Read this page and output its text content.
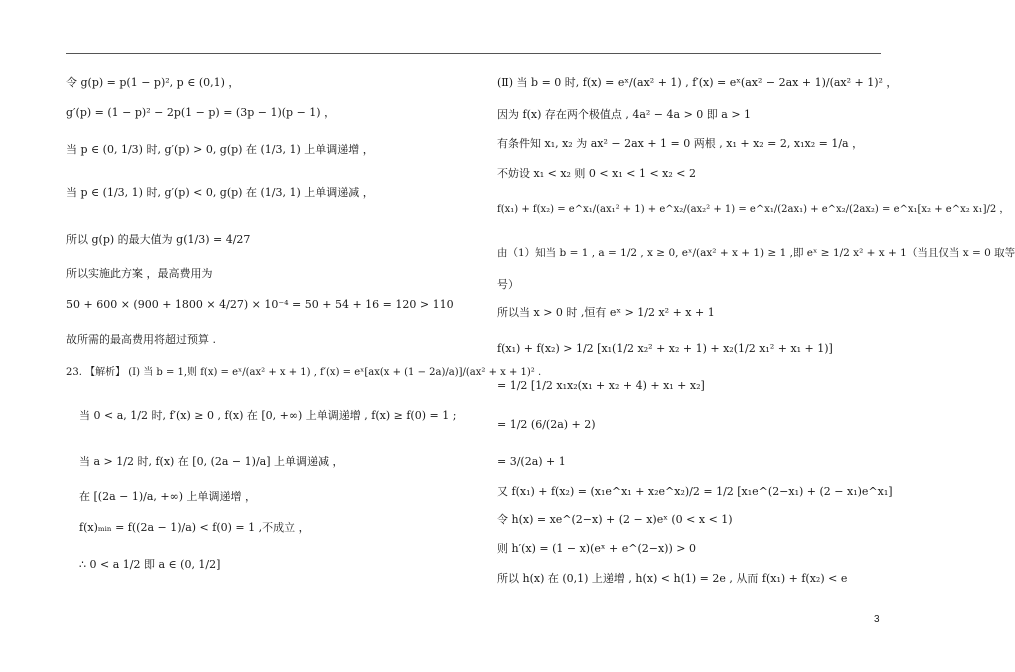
令 g(p) = p(1 − p)², p ∈ (0,1) ，
g′(p) = (1 − p)² − 2p(1 − p) = (3p − 1)(p − 1) ，
当 p ∈ (0, 1/3) 时, g′(p) > 0, g(p) 在 (1/3, 1) 上单调递增 ，
当 p ∈ (1/3, 1) 时, g′(p) < 0, g(p) 在 (1/3, 1) 上单调递减 ，
所以 g(p) 的最大值为 g(1/3) = 4/27
所以实施此方案 ，最高费用为
50 + 600 × (900 + 1800 × 4/27) × 10⁻⁴ = 50 + 54 + 16 = 120 > 110
故所需的最高费用将超过预算 .
23. 【解析】 (Ⅰ) 当 b = 1,则 f(x) = eˣ/(ax² + x + 1) , f′(x) = eˣ[ax(x + (1 − 2a)/a)]/(ax² + x + 1)² .
当 0 < a, 1/2 时, f′(x) ≥ 0 , f(x) 在 [0, +∞) 上单调递增 , f(x) ≥ f(0) = 1 ;
当 a > 1/2 时, f(x) 在 [0, (2a − 1)/a] 上单调递减 ，
在 [(2a − 1)/a, +∞) 上单调递增 ，
f(x)ₘᵢₙ = f((2a − 1)/a) < f(0) = 1 ,不成立 ，
∴ 0 < a 1/2 即 a ∈ (0, 1/2]
(Ⅱ) 当 b = 0 时, f(x) = eˣ/(ax² + 1) , f′(x) = eˣ(ax² − 2ax + 1)/(ax² + 1)² ，
因为 f(x) 存在两个极值点 , 4a² − 4a > 0 即 a > 1
有条件知 x₁, x₂ 为 ax² − 2ax + 1 = 0 两根 , x₁ + x₂ = 2, x₁x₂ = 1/a ，
不妨设 x₁ < x₂ 则 0 < x₁ < 1 < x₂ < 2
f(x₁) + f(x₂) = e^x₁/(ax₁² + 1) + e^x₂/(ax₂² + 1) = e^x₁/(2ax₁) + e^x₂/(2ax₂) = e^x₁[x₂ + e^x₂ x₁]/2 ，
由（1）知当 b = 1 , a = 1/2 , x ≥ 0, eˣ/(ax² + x + 1) ≥ 1 ,即 eˣ ≥ 1/2 x² + x + 1（当且仅当 x = 0 取等
号）
所以当 x > 0 时 ,恒有 eˣ > 1/2 x² + x + 1
f(x₁) + f(x₂) > 1/2 [x₁(1/2 x₂² + x₂ + 1) + x₂(1/2 x₁² + x₁ + 1)]
= 1/2 [1/2 x₁x₂(x₁ + x₂ + 4) + x₁ + x₂]
= 1/2 (6/(2a) + 2)
= 3/(2a) + 1
又 f(x₁) + f(x₂) = (x₁e^x₁ + x₂e^x₂)/2 = 1/2 [x₁e^(2−x₁) + (2 − x₁)e^x₁]
令 h(x) = xe^(2−x) + (2 − x)eˣ (0 < x < 1)
则 h′(x) = (1 − x)(eˣ + e^(2−x)) > 0
所以 h(x) 在 (0,1) 上递增 , h(x) < h(1) = 2e , 从而 f(x₁) + f(x₂) < e
3
